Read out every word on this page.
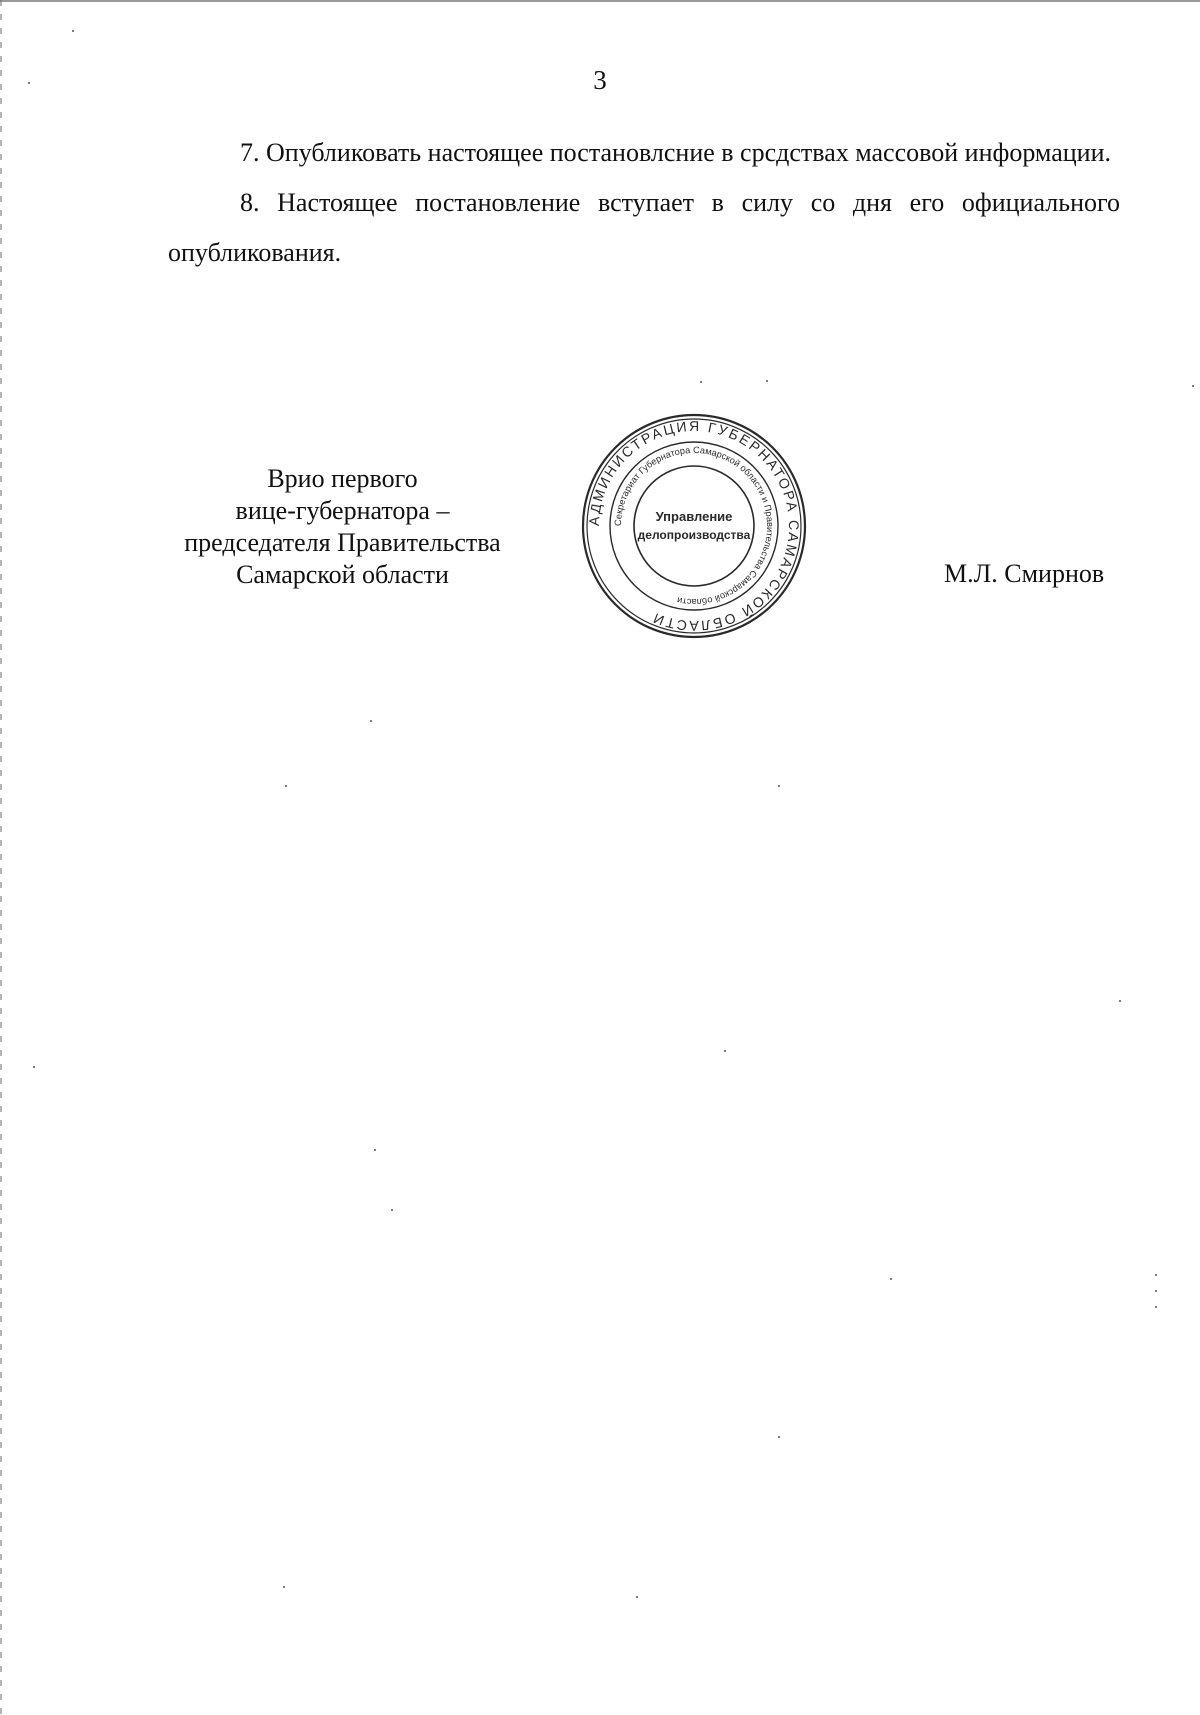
3

7. Опубликовать настоящее постановлсние в срсдствах массовой информации.

8. Настоящее постановление вступает в силу со дня его официального опубликования.

Врио первого
вице-губернатора –
председателя Правительства
Самарской области
АДМИНИСТРАЦИЯ ГУБЕРНАТОРА САМАРСКОЙ ОБЛАСТИ
Секретариат Губернатора Самарской области и Правительства Самарской области
Управление
делопроизводства
М.Л. Смирнов
